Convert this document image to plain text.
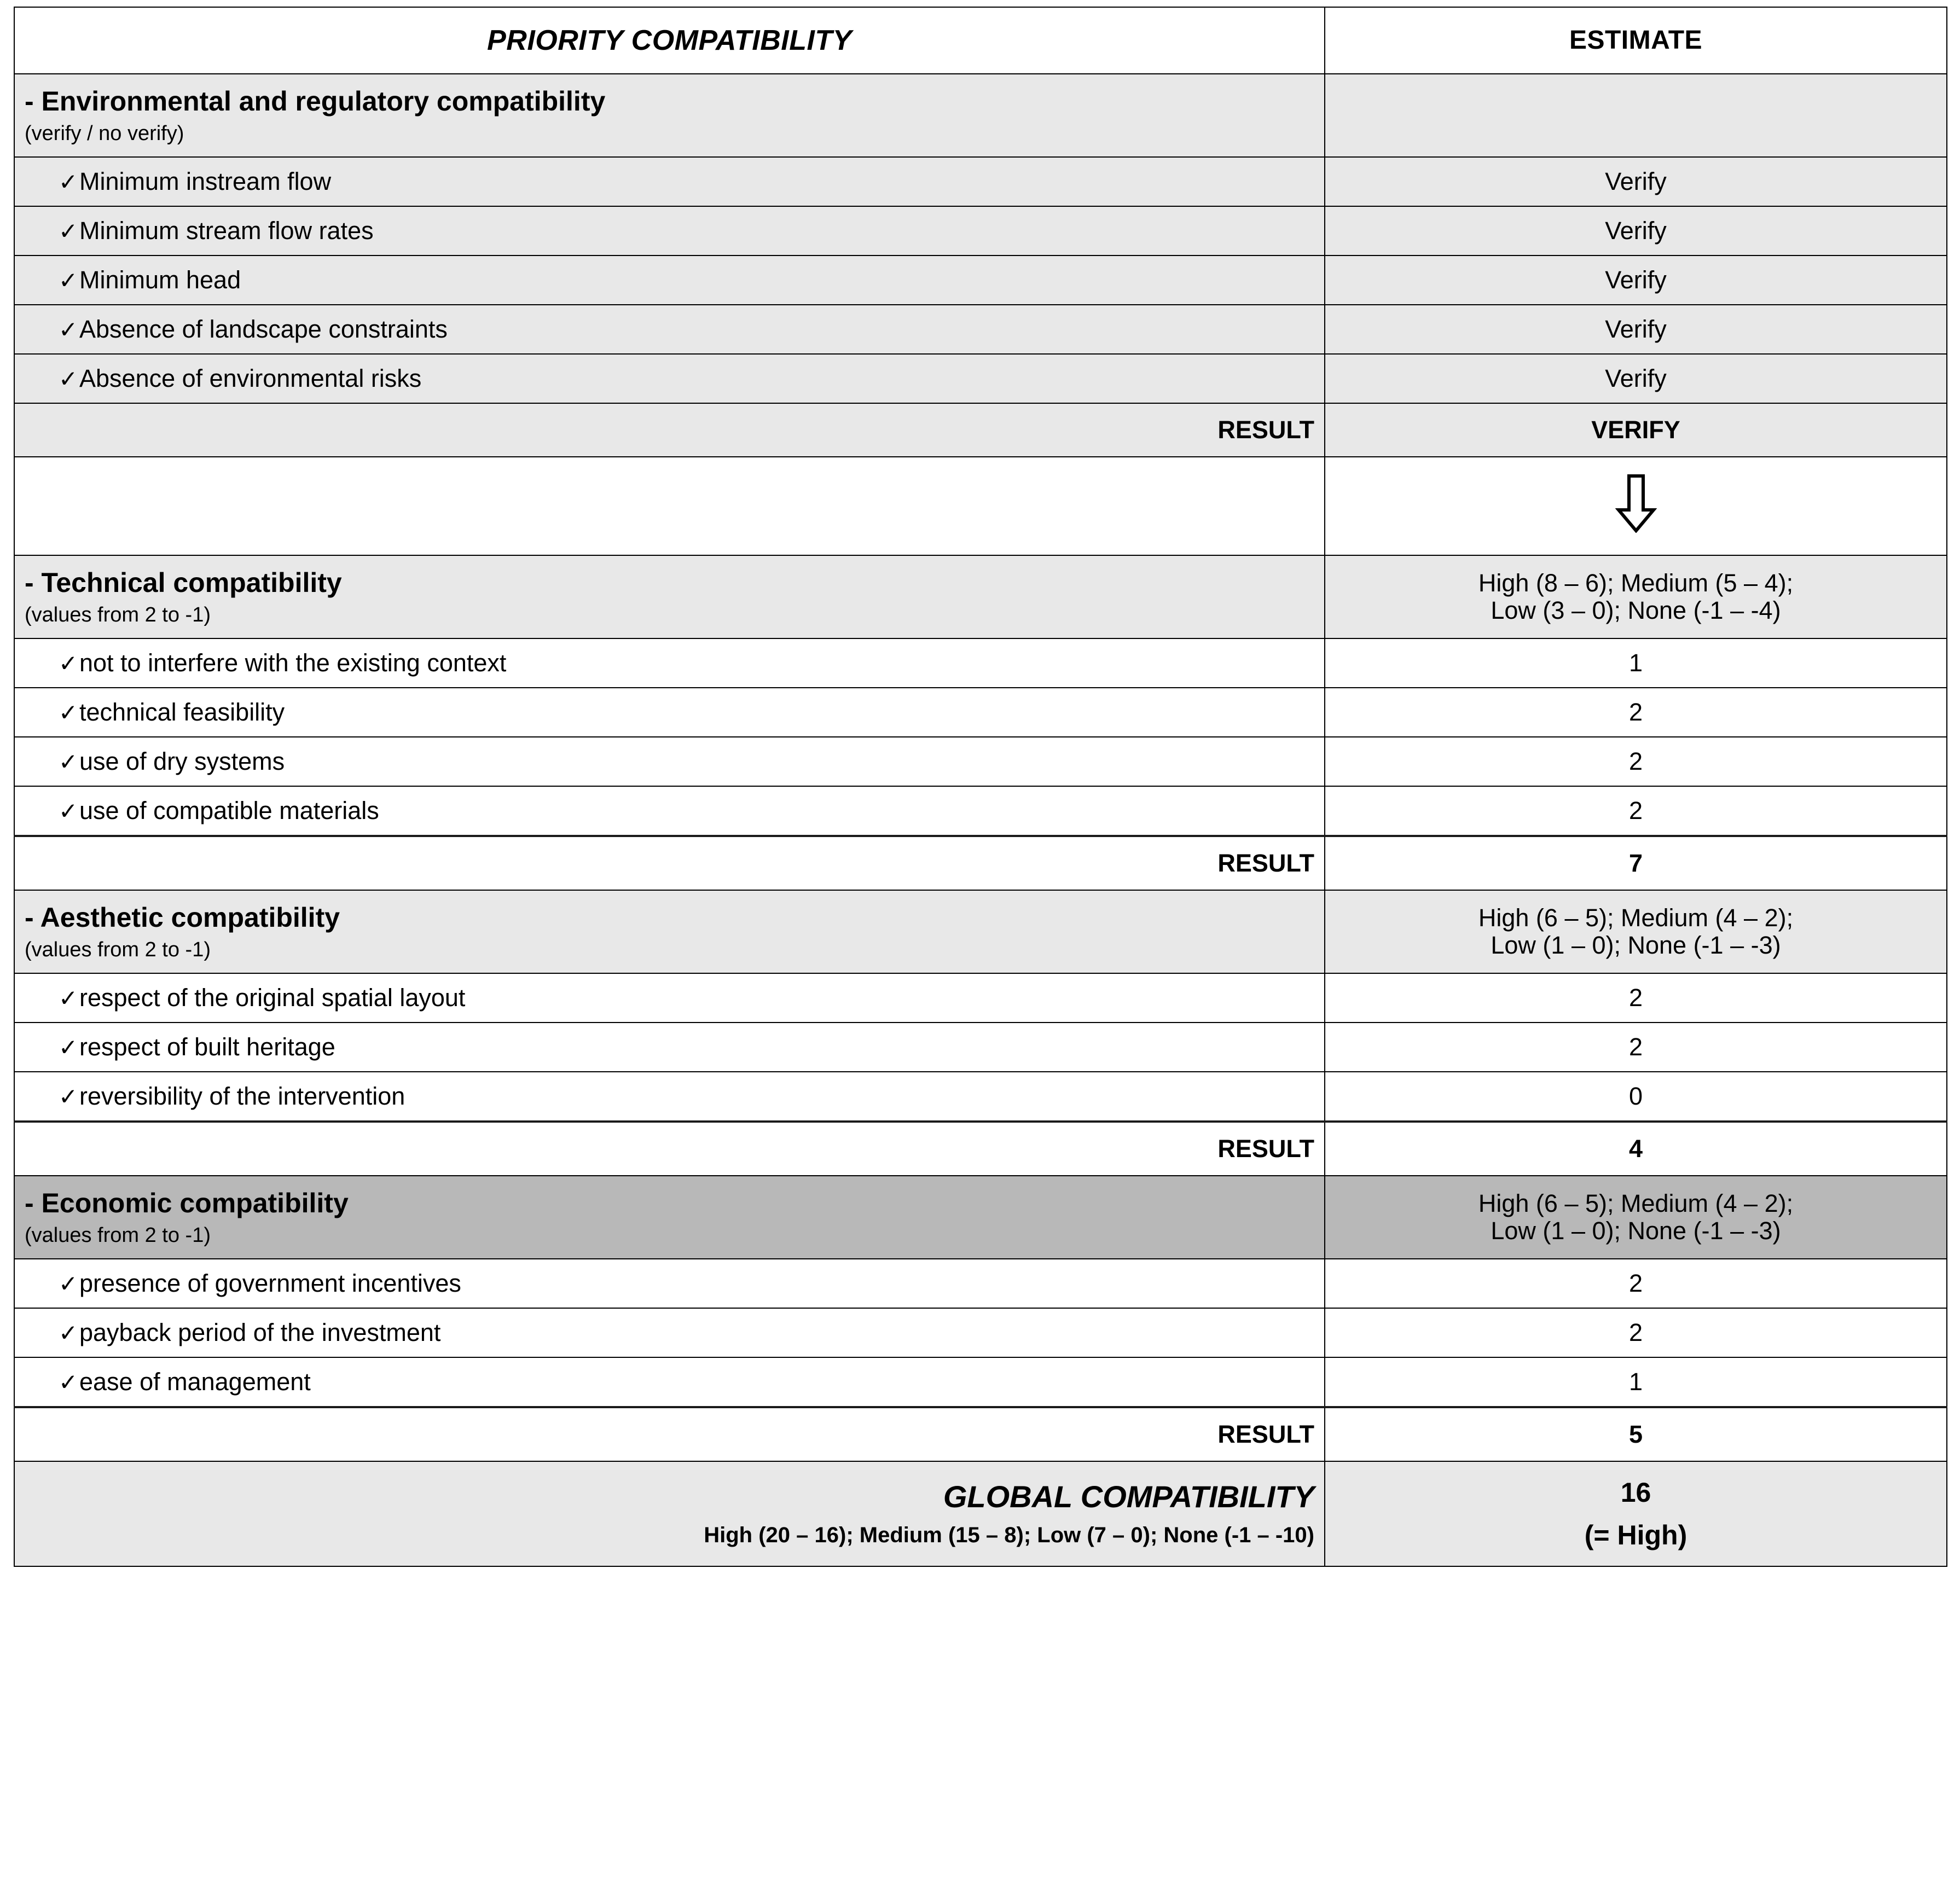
PRIORITY COMPATIBILITY	ESTIMATE

- Environmental and regulatory compatibility
(verify / no verify)	

✓Minimum instream flow	Verify
✓Minimum stream flow rates	Verify
✓Minimum head	Verify
✓Absence of landscape constraints	Verify
✓Absence of environmental risks	Verify
RESULT	VERIFY

- Technical compatibility
(values from 2 to -1)	High (8 – 6); Medium (5 – 4);
Low (3 – 0); None (-1 – -4)

✓not to interfere with the existing context	1
✓technical feasibility	2
✓use of dry systems	2
✓use of compatible materials	2
RESULT	7

- Aesthetic compatibility
(values from 2 to -1)	High (6 – 5); Medium (4 – 2);
Low (1 – 0); None (-1 – -3)

✓respect of the original spatial layout	2
✓respect of built heritage	2
✓reversibility of the intervention	0
RESULT	4

- Economic compatibility
(values from 2 to -1)	High (6 – 5); Medium (4 – 2);
Low (1 – 0); None (-1 – -3)

✓presence of government incentives	2
✓payback period of the investment	2
✓ease of management	1
RESULT	5

GLOBAL COMPATIBILITY
High (20 – 16); Medium (15 – 8); Low (7 – 0); None (-1 – -10)	16
(= High)
